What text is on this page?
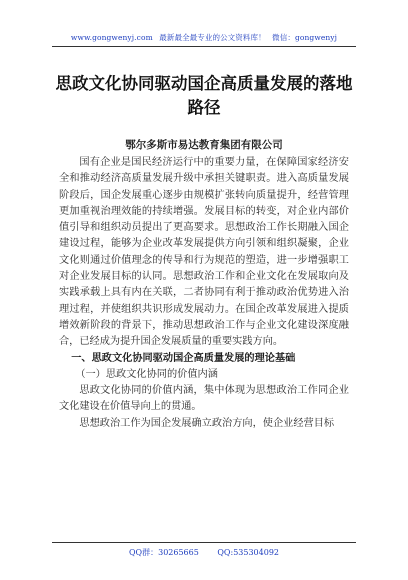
www.gongwenyj.com 最新最全最专业的公文资料库！ 微信：gongwenyj
思政文化协同驱动国企高质量发展的落地路径
鄂尔多斯市易达教育集团有限公司

国有企业是国民经济运行中的重要力量，在保障国家经济安全和推动经济高质量发展升级中承担关键职责。进入高质量发展阶段后，国企发展重心逐步由规模扩张转向质量提升，经营管理更加重视治理效能的持续增强。发展目标的转变，对企业内部价值引导和组织动员提出了更高要求。思想政治工作长期融入国企建设过程，能够为企业改革发展提供方向引领和组织凝聚，企业文化则通过价值理念的传导和行为规范的塑造，进一步增强职工对企业发展目标的认同。思想政治工作和企业文化在发展取向及实践承载上具有内在关联，二者协同有利于推动政治优势进入治理过程，并使组织共识形成发展动力。在国企改革发展进入提质增效新阶段的背景下，推动思想政治工作与企业文化建设深度融合，已经成为提升国企发展质量的重要实践方向。

一、思政文化协同驱动国企高质量发展的理论基础
（一）思政文化协同的价值内涵

思政文化协同的价值内涵，集中体现为思想政治工作同企业文化建设在价值导向上的贯通。

思想政治工作为国企发展确立政治方向，使企业经营目标

QQ群：30265665 QQ:535304092
